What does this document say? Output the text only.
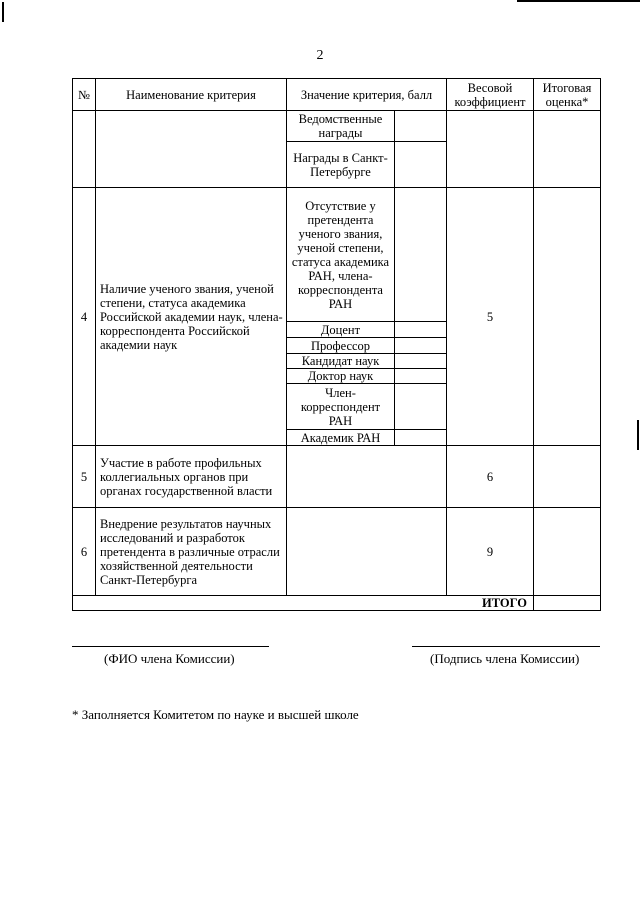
2
№	Наименование критерия	Значение критерия, балл		Весовой коэффициент	Итоговая оценка*
		Ведомственные награды			
		Награды в Санкт-Петербурге			
4	Наличие ученого звания, ученой степени, статуса академика Российской академии наук, члена-корреспондента Российской академии наук	Отсутствие у претендента ученого звания, ученой степени, статуса академика РАН, члена-корреспондента РАН		5	
		Доцент			
		Профессор			
		Кандидат наук			
		Доктор наук			
		Член-корреспондент РАН			
		Академик РАН			
5	Участие в работе профильных коллегиальных органов при органах государственной власти			6	
6	Внедрение результатов научных исследований и разработок претендента в различные отрасли хозяйственной деятельности Санкт-Петербурга			9	
ИТОГО					
(ФИО члена Комиссии)	(Подпись члена Комиссии)
* Заполняется Комитетом по науке и высшей школе
